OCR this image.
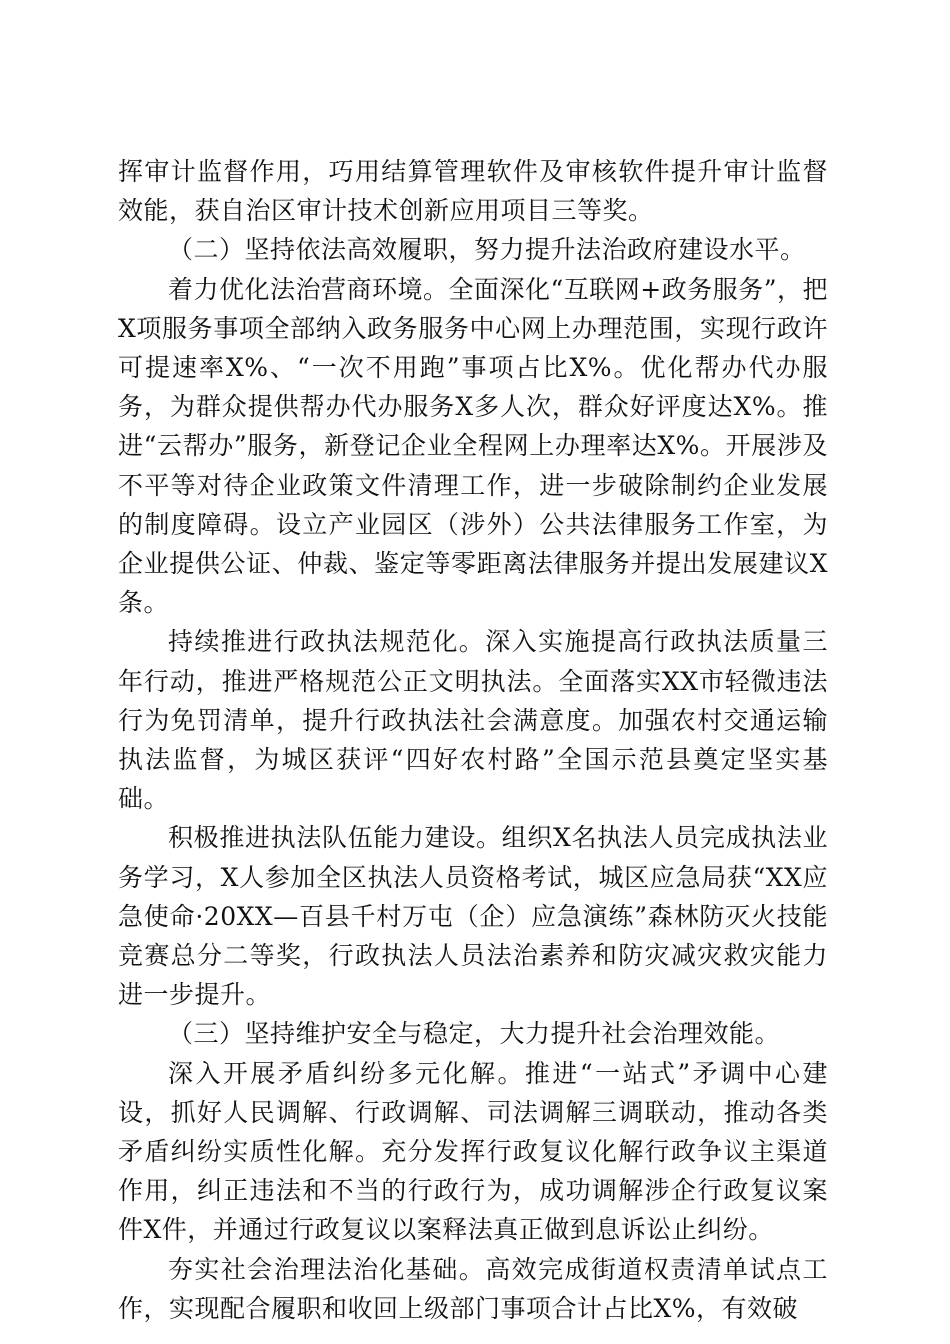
挥审计监督作用，巧用结算管理软件及审核软件提升审计监督效能，获自治区审计技术创新应用项目三等奖。

（二）坚持依法高效履职，努力提升法治政府建设水平。

着力优化法治营商环境。全面深化“互联网+政务服务”，把X项服务事项全部纳入政务服务中心网上办理范围，实现行政许可提速率X%、“一次不用跑”事项占比X%。优化帮办代办服务，为群众提供帮办代办服务X多人次，群众好评度达X%。推进“云帮办”服务，新登记企业全程网上办理率达X%。开展涉及不平等对待企业政策文件清理工作，进一步破除制约企业发展的制度障碍。设立产业园区（涉外）公共法律服务工作室，为企业提供公证、仲裁、鉴定等零距离法律服务并提出发展建议X条。

持续推进行政执法规范化。深入实施提高行政执法质量三年行动，推进严格规范公正文明执法。全面落实XX市轻微违法行为免罚清单，提升行政执法社会满意度。加强农村交通运输执法监督，为城区获评“四好农村路”全国示范县奠定坚实基础。

积极推进执法队伍能力建设。组织X名执法人员完成执法业务学习，X人参加全区执法人员资格考试，城区应急局获“XX应急使命·20XX—百县千村万屯（企）应急演练”森林防灭火技能竞赛总分二等奖，行政执法人员法治素养和防灾减灾救灾能力进一步提升。

（三）坚持维护安全与稳定，大力提升社会治理效能。

深入开展矛盾纠纷多元化解。推进“一站式”矛调中心建设，抓好人民调解、行政调解、司法调解三调联动，推动各类矛盾纠纷实质性化解。充分发挥行政复议化解行政争议主渠道作用，纠正违法和不当的行政行为，成功调解涉企行政复议案件X件，并通过行政复议以案释法真正做到息诉讼止纠纷。

夯实社会治理法治化基础。高效完成街道权责清单试点工作，实现配合履职和收回上级部门事项合计占比X%，有效破
